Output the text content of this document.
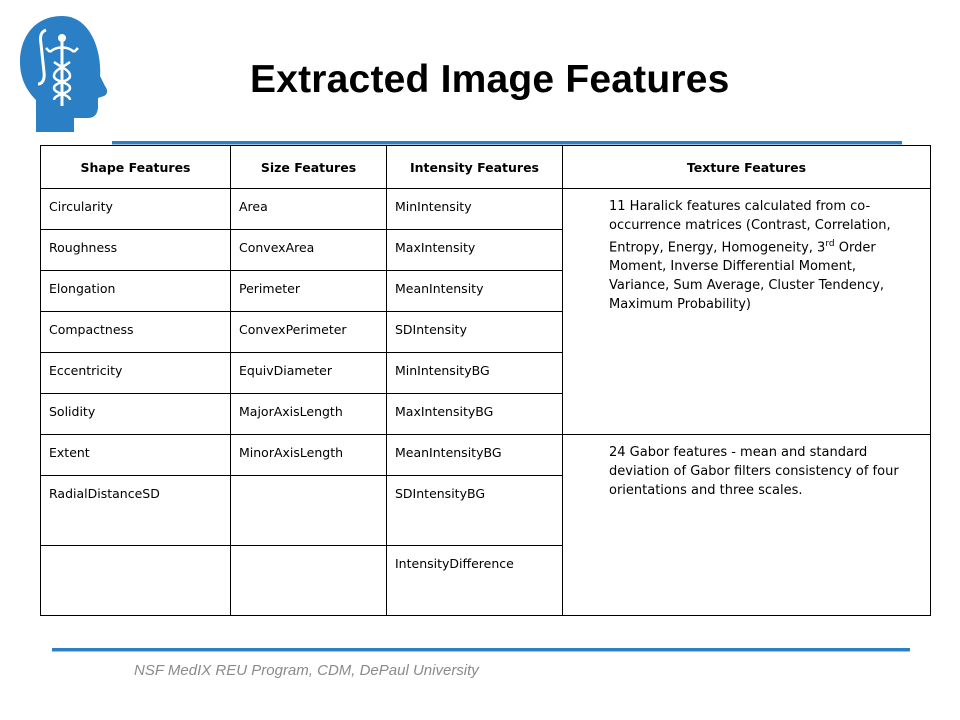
Extracted Image Features
Shape Features	Size Features	Intensity Features	Texture Features
Circularity	Area	MinIntensity	11 Haralick features calculated from co-occurrence matrices (Contrast, Correlation, Entropy, Energy, Homogeneity, 3rd Order Moment, Inverse Differential Moment, Variance, Sum Average, Cluster Tendency, Maximum Probability)
Roughness	ConvexArea	MaxIntensity	
Elongation	Perimeter	MeanIntensity	
Compactness	ConvexPerimeter	SDIntensity	
Eccentricity	EquivDiameter	MinIntensityBG	
Solidity	MajorAxisLength	MaxIntensityBG	
Extent	MinorAxisLength	MeanIntensityBG	24 Gabor features - mean and standard deviation of Gabor filters consistency of four orientations and three scales.
RadialDistanceSD		SDIntensityBG	
		IntensityDifference	
NSF MedIX REU Program, CDM, DePaul University
